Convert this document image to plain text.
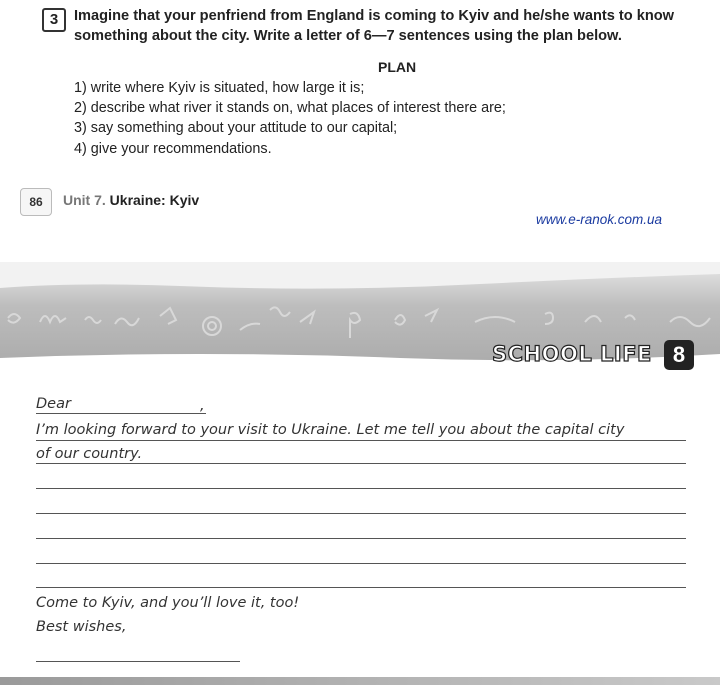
3	Imagine that your penfriend from England is coming to Kyiv and he/she wants to know something about the city. Write a letter of 6—7 sentences using the plan below.
PLAN
1) write where Kyiv is situated, how large it is;
2) describe what river it stands on, what places of interest there are;
3) say something about your attitude to our capital;
4) give your recommendations.
86	Unit 7. Ukraine: Kyiv
www.e-ranok.com.ua
SCHOOL LIFE 8
Dear	,
I’m looking forward to your visit to Ukraine. Let me tell you about the capital city
of our country.
Come to Kyiv, and you’ll love it, too!
Best wishes,
